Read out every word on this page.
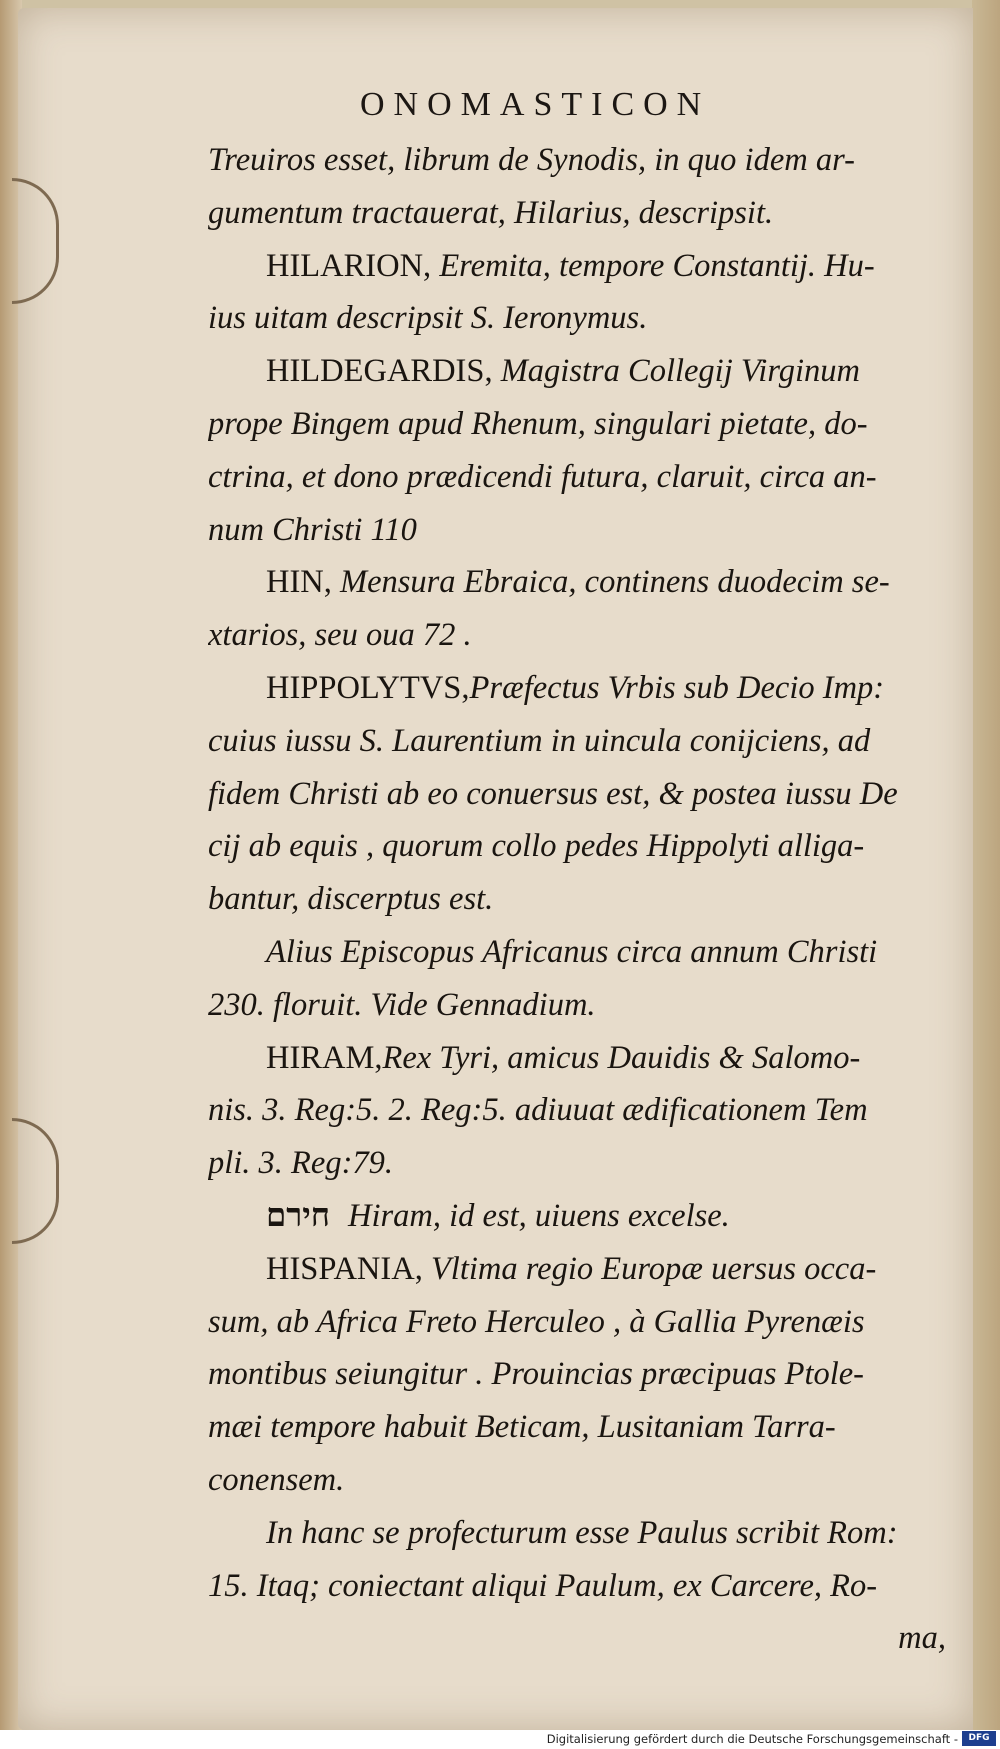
ONOMASTICON
Treuiros esset, librum de Synodis, in quo idem ar-
gumentum tractauerat, Hilarius, descripsit.
HILARION, Eremita, tempore Constantij. Hu-
ius uitam descripsit S. Ieronymus.
HILDEGARDIS, Magistra Collegij Virginum
prope Bingem apud Rhenum, singulari pietate, do-
ctrina, et dono prædicendi futura, claruit, circa an-
num Christi 110
HIN, Mensura Ebraica, continens duodecim se-
xtarios, seu oua 72 .
HIPPOLYTVS,Præfectus Vrbis sub Decio Imp:
cuius iussu S. Laurentium in uincula conijciens, ad
fidem Christi ab eo conuersus est, & postea iussu De
cij ab equis , quorum collo pedes Hippolyti alliga-
bantur, discerptus est.
Alius Episcopus Africanus circa annum Christi
230. floruit. Vide Gennadium.
HIRAM,Rex Tyri, amicus Dauidis & Salomo-
nis. 3. Reg:5. 2. Reg:5. adiuuat ædificationem Tem
pli. 3. Reg:79.
חירם Hiram, id est, uiuens excelse.
HISPANIA, Vltima regio Europæ uersus occa-
sum, ab Africa Freto Herculeo , à Gallia Pyrenæis
montibus seiungitur . Prouincias præcipuas Ptole-
mæi tempore habuit Beticam, Lusitaniam Tarra-
conensem.
In hanc se profecturum esse Paulus scribit Rom:
15. Itaq; coniectant aliqui Paulum, ex Carcere, Ro-
ma,
Digitalisierung gefördert durch die Deutsche Forschungsgemeinschaft -	DFG
